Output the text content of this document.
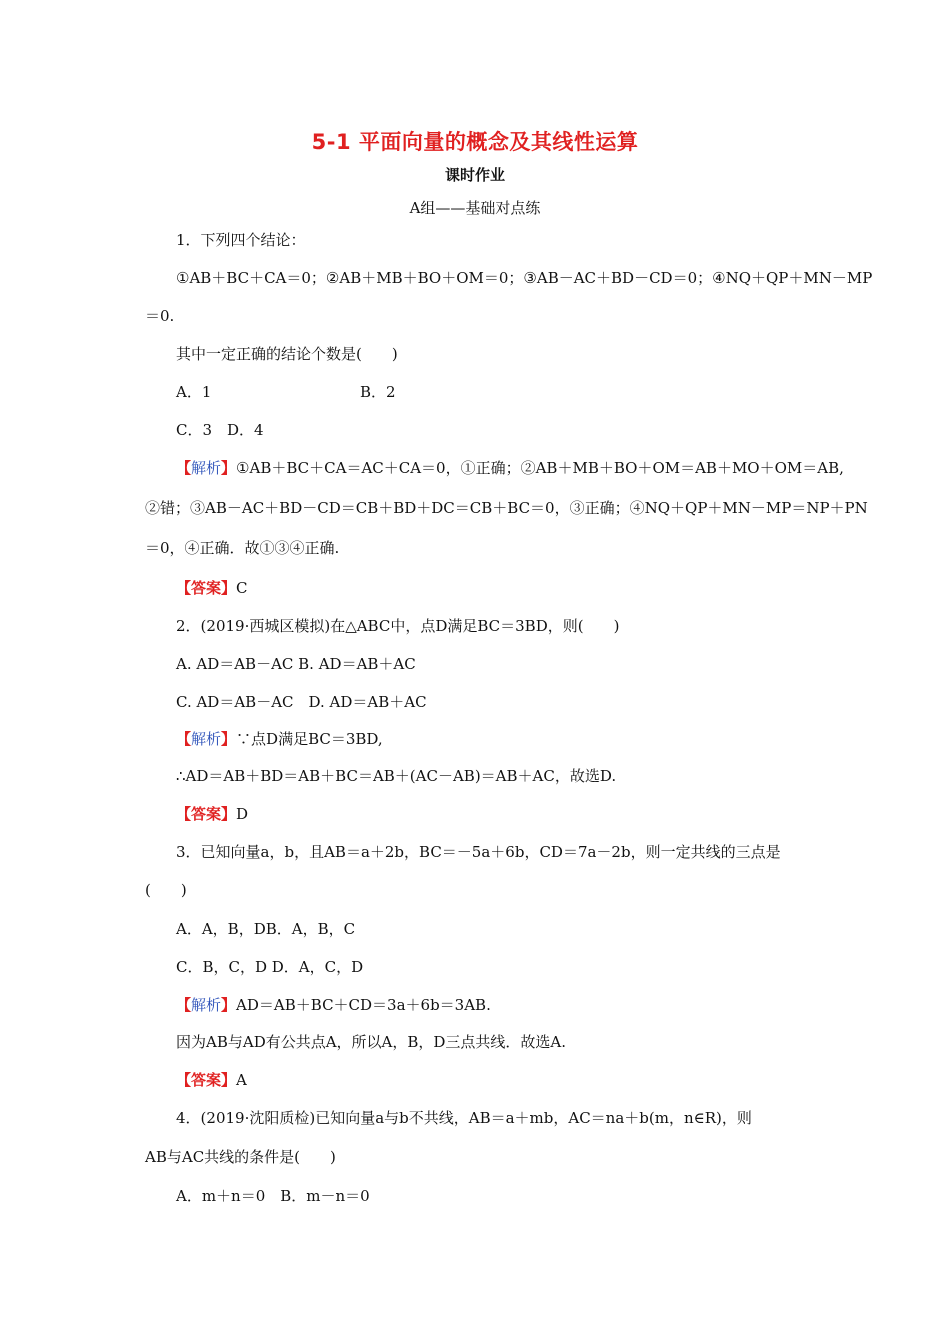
5-1 平面向量的概念及其线性运算
课时作业
A组——基础对点练
1．下列四个结论：
①AB＋BC＋CA＝0；②AB＋MB＋BO＋OM＝0；③AB－AC＋BD－CD＝0；④NQ＋QP＋MN－MP
＝0.
其中一定正确的结论个数是(　　)
A．1	B．2
C．3　D．4
【解析】①AB＋BC＋CA＝AC＋CA＝0，①正确；②AB＋MB＋BO＋OM＝AB＋MO＋OM＝AB,
②错；③AB－AC＋BD－CD＝CB＋BD＋DC＝CB＋BC＝0，③正确；④NQ＋QP＋MN－MP＝NP＋PN
＝0，④正确．故①③④正确.
【答案】C
2．(2019·西城区模拟)在△ABC中，点D满足BC＝3BD，则(　　)
A. AD＝AB－AC B. AD＝AB＋AC
C. AD＝AB－AC　D. AD＝AB＋AC
【解析】∵点D满足BC＝3BD,
∴AD＝AB＋BD＝AB＋BC＝AB＋(AC－AB)＝AB＋AC，故选D.
【答案】D
3．已知向量a，b，且AB＝a＋2b，BC＝－5a＋6b，CD＝7a－2b，则一定共线的三点是
(　　)
A．A，B，DB．A，B，C
C．B，C，D D．A，C，D
【解析】AD＝AB＋BC＋CD＝3a＋6b＝3AB.
因为AB与AD有公共点A，所以A，B，D三点共线．故选A.
【答案】A
4．(2019·沈阳质检)已知向量a与b不共线，AB＝a＋mb，AC＝na＋b(m，n∈R)，则
AB与AC共线的条件是(　　)
A．m＋n＝0　B．m－n＝0
